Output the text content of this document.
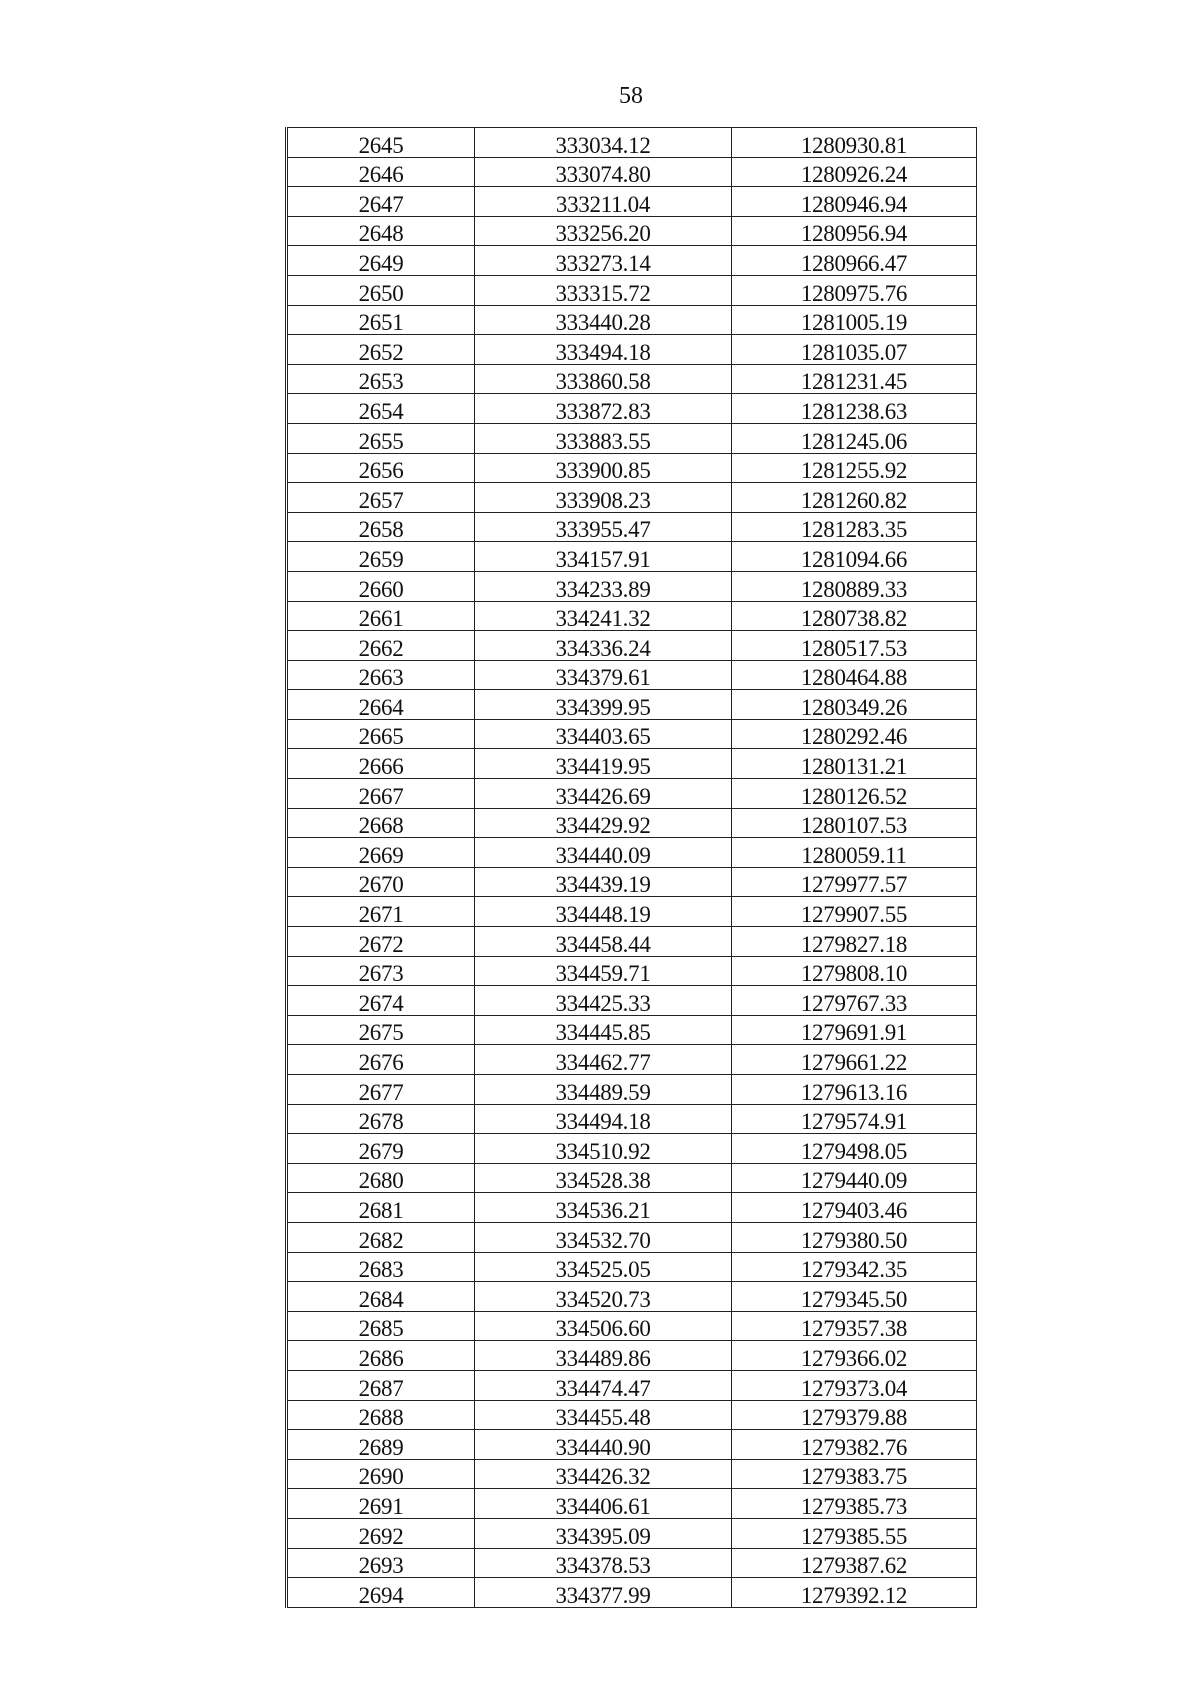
58
2645	333034.12	1280930.81
2646	333074.80	1280926.24
2647	333211.04	1280946.94
2648	333256.20	1280956.94
2649	333273.14	1280966.47
2650	333315.72	1280975.76
2651	333440.28	1281005.19
2652	333494.18	1281035.07
2653	333860.58	1281231.45
2654	333872.83	1281238.63
2655	333883.55	1281245.06
2656	333900.85	1281255.92
2657	333908.23	1281260.82
2658	333955.47	1281283.35
2659	334157.91	1281094.66
2660	334233.89	1280889.33
2661	334241.32	1280738.82
2662	334336.24	1280517.53
2663	334379.61	1280464.88
2664	334399.95	1280349.26
2665	334403.65	1280292.46
2666	334419.95	1280131.21
2667	334426.69	1280126.52
2668	334429.92	1280107.53
2669	334440.09	1280059.11
2670	334439.19	1279977.57
2671	334448.19	1279907.55
2672	334458.44	1279827.18
2673	334459.71	1279808.10
2674	334425.33	1279767.33
2675	334445.85	1279691.91
2676	334462.77	1279661.22
2677	334489.59	1279613.16
2678	334494.18	1279574.91
2679	334510.92	1279498.05
2680	334528.38	1279440.09
2681	334536.21	1279403.46
2682	334532.70	1279380.50
2683	334525.05	1279342.35
2684	334520.73	1279345.50
2685	334506.60	1279357.38
2686	334489.86	1279366.02
2687	334474.47	1279373.04
2688	334455.48	1279379.88
2689	334440.90	1279382.76
2690	334426.32	1279383.75
2691	334406.61	1279385.73
2692	334395.09	1279385.55
2693	334378.53	1279387.62
2694	334377.99	1279392.12
